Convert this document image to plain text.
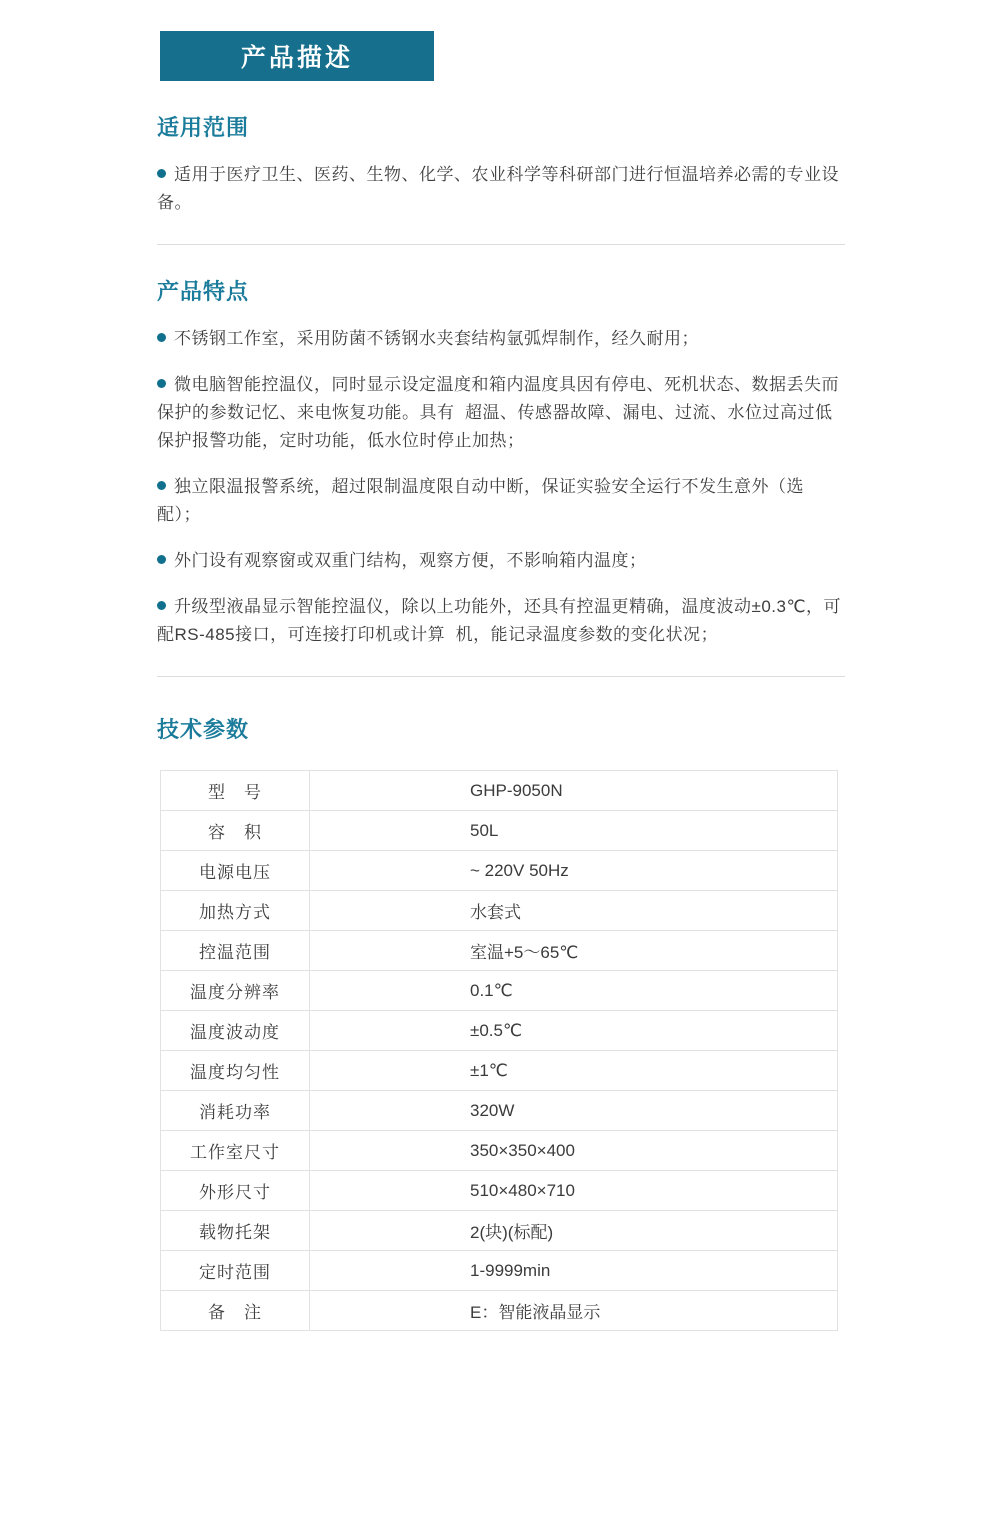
产品描述
适用范围

适用于医疗卫生、医药、生物、化学、农业科学等科研部门进行恒温培养必需的专业设备。

产品特点

不锈钢工作室，采用防菌不锈钢水夹套结构氩弧焊制作，经久耐用；

微电脑智能控温仪，同时显示设定温度和箱内温度具因有停电、死机状态、数据丢失而保护的参数记忆、来电恢复功能。具有  超温、传感器故障、漏电、过流、水位过高过低保护报警功能，定时功能，低水位时停止加热；

独立限温报警系统，超过限制温度限自动中断，保证实验安全运行不发生意外（选配）；

外门设有观察窗或双重门结构，观察方便，不影响箱内温度；

升级型液晶显示智能控温仪，除以上功能外，还具有控温更精确，温度波动±0.3℃，可配RS-485接口，可连接打印机或计算  机，能记录温度参数的变化状况；

技术参数
型　号	GHP-9050N
容　积	50L
电源电压	~ 220V 50Hz
加热方式	水套式
控温范围	室温+5～65℃
温度分辨率	0.1℃
温度波动度	±0.5℃
温度均匀性	±1℃
消耗功率	320W
工作室尺寸	350×350×400
外形尺寸	510×480×710
载物托架	2(块)(标配)
定时范围	1-9999min
备　注	E：智能液晶显示
